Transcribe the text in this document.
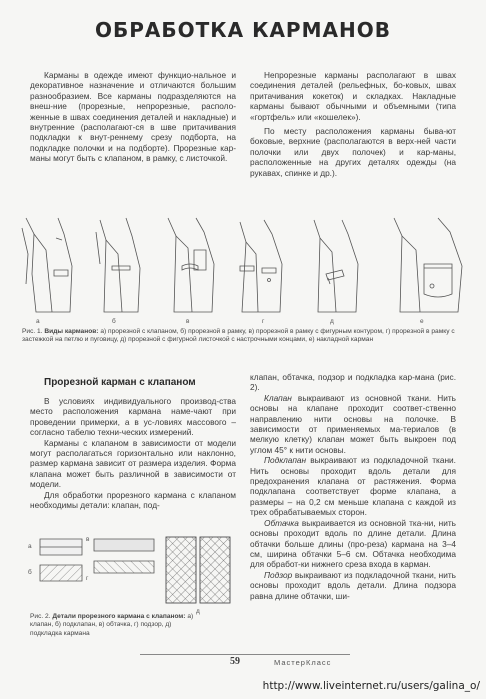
ОБРАБОТКА КАРМАНОВ

Карманы в одежде имеют функцио-нальное и декоративное назначение и отличаются большим разнообразием. Все карманы подразделяются на внеш-ние (прорезные, непрорезные, располо-женные в швах соединения деталей и накладные) и внутренние (располагают-ся в шве притачивания подкладки к внут-реннему срезу подборта, на подкладке полочки и на подборте). Прорезные кар-маны могут быть с клапаном, в рамку, с листочкой.

Непрорезные карманы располагают в швах соединения деталей (рельефных, бо-ковых, швах притачивания кокеток) и складках. Накладные карманы бывают обычными и объемными (типа «гортфель» или «кошелек»).

По месту расположения карманы быва-ют боковые, верхние (располагаются в верх-ней части полочки или двух полочек) и кар-маны, расположенные на других деталях одежды (на рукавах, спинке и др.).

а	б	в	г	д	е
Рис. 1. Виды карманов: а) прорезной с клапаном, б) прорезной в рамку, в) прорезной в рамку с фигурным контуром, г) прорезной в рамку с застежкой на петлю и пуговицу, д) прорезной с фигурной листочкой с настрочными концами, е) накладной карман
Прорезной карман с клапаном

В условиях индивидуального производ-ства место расположения кармана наме-чают при проведении примерки, а в ус-ловиях массового – согласно табелю техни-ческих измерений.

Карманы с клапаном в зависимости от модели могут располагаться горизонтально или наклонно, размер кармана зависит от размера изделия. Форма клапана может быть различной в зависимости от модели.

Для обработки прорезного кармана с клапаном необходимы детали: клапан, под-

а
б
в
г
д
Рис. 2. Детали прорезного кармана с клапаном: а) клапан, б) подклапан, в) обтачка, г) подзор, д) подкладка кармана

клапан, обтачка, подзор и подкладка кар-мана (рис. 2).

Клапан выкраивают из основной ткани. Нить основы на клапане проходит соответ-ственно направлению нити основы на полочке. В зависимости от применяемых ма-териалов (в мелкую клетку) клапан может быть выкроен под углом 45° к нити основы.

Подклапан выкраивают из подкладочной ткани. Нить основы проходит вдоль детали для предохранения клапана от растяжения. Форма подклапана соответствует форме клапана, а размеры – на 0,2 см меньше клапана с каждой из трех обрабатываемых сторон.

Обтачка выкраивается из основной тка-ни, нить основы проходит вдоль по длине детали. Длина обтачки больше длины (про-реза) кармана на 3–4 см, ширина обтачки 5–6 см. Обтачка необходима для обработ-ки нижнего среза входа в карман.

Подзор выкраивают из подкладочной ткани, нить основы проходит вдоль детали. Длина подзора равна длине обтачки, ши-

59	МастерКласс
http://www.liveinternet.ru/users/galina_o/
